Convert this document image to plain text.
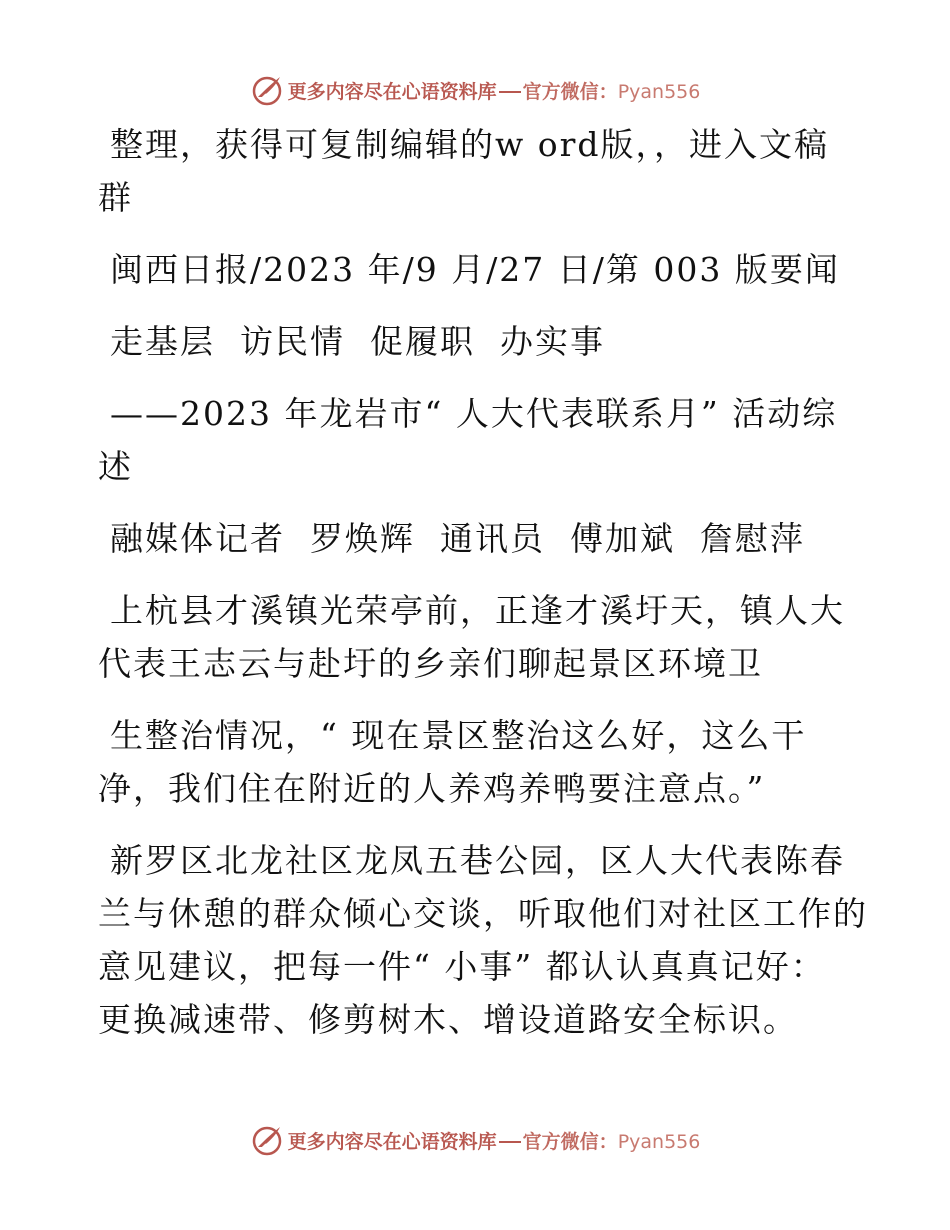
更多内容尽在心语资料库 官方微信：Pyan556
整理，获得可复制编辑的w ord版，，进入文稿
群
闽西日报/2023 年/9 月/27 日/第 003 版要闻
走基层  访民情  促履职  办实事
——2023 年龙岩市“ 人大代表联系月” 活动综
述
融媒体记者  罗焕辉  通讯员  傅加斌  詹慰萍
上杭县才溪镇光荣亭前，正逢才溪圩天，镇人大
代表王志云与赴圩的乡亲们聊起景区环境卫
生整治情况，“ 现在景区整治这么好，这么干
净，我们住在附近的人养鸡养鸭要注意点。”
新罗区北龙社区龙凤五巷公园，区人大代表陈春
兰与休憩的群众倾心交谈，听取他们对社区工作的
意见建议，把每一件“ 小事” 都认认真真记好：
更换减速带、修剪树木、增设道路安全标识。
更多内容尽在心语资料库 官方微信：Pyan556
